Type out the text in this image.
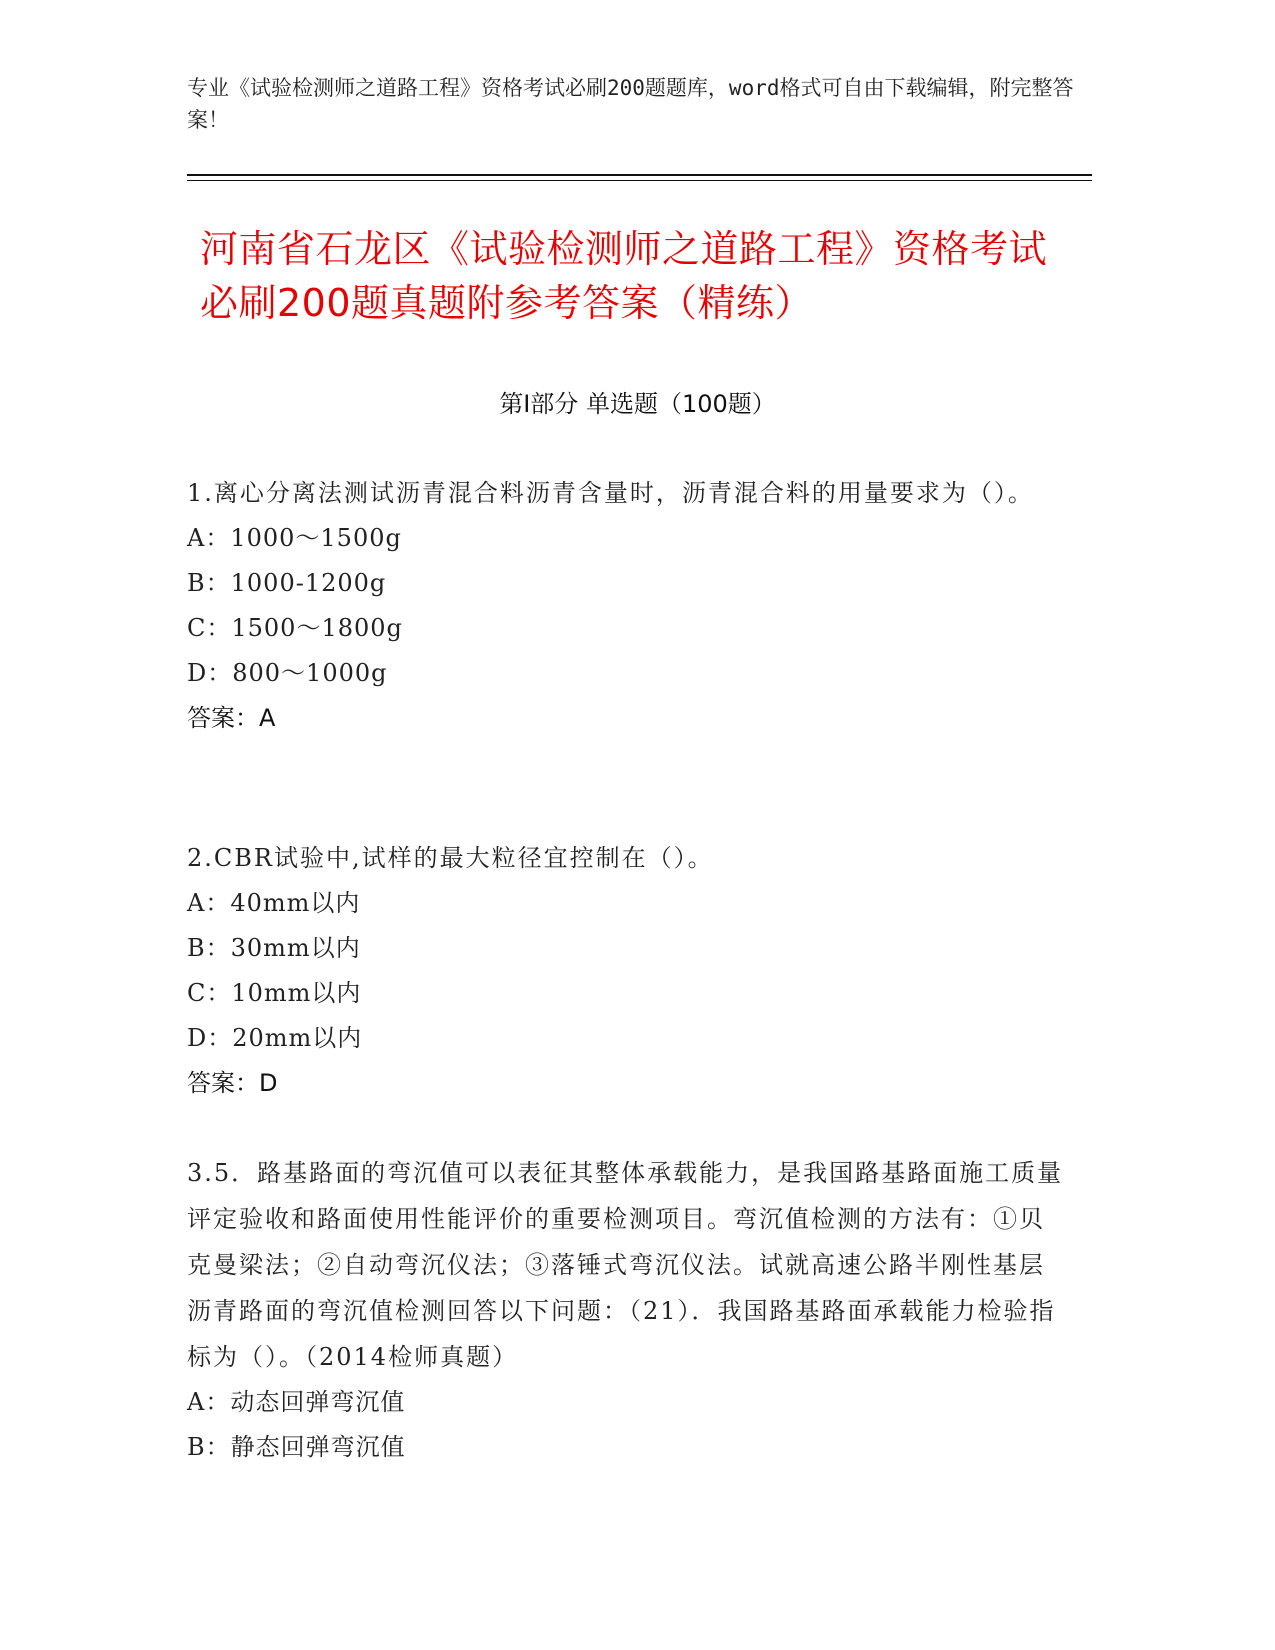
专业《试验检测师之道路工程》资格考试必刷200题题库，word格式可自由下载编辑，附完整答案！
河南省石龙区《试验检测师之道路工程》资格考试必刷200题真题附参考答案（精练）
第I部分 单选题（100题）
1.离心分离法测试沥青混合料沥青含量时，沥青混合料的用量要求为（）。
A：1000～1500g
B：1000-1200g
C：1500～1800g
D：800～1000g
答案：A
2.CBR试验中,试样的最大粒径宜控制在（）。
A：40mm以内
B：30mm以内
C：10mm以内
D：20mm以内
答案：D
3.5．路基路面的弯沉值可以表征其整体承载能力，是我国路基路面施工质量评定验收和路面使用性能评价的重要检测项目。弯沉值检测的方法有：①贝克曼梁法；②自动弯沉仪法；③落锤式弯沉仪法。试就高速公路半刚性基层沥青路面的弯沉值检测回答以下问题：（21）．我国路基路面承载能力检验指标为（）。（2014检师真题）
A：动态回弹弯沉值
B：静态回弹弯沉值
